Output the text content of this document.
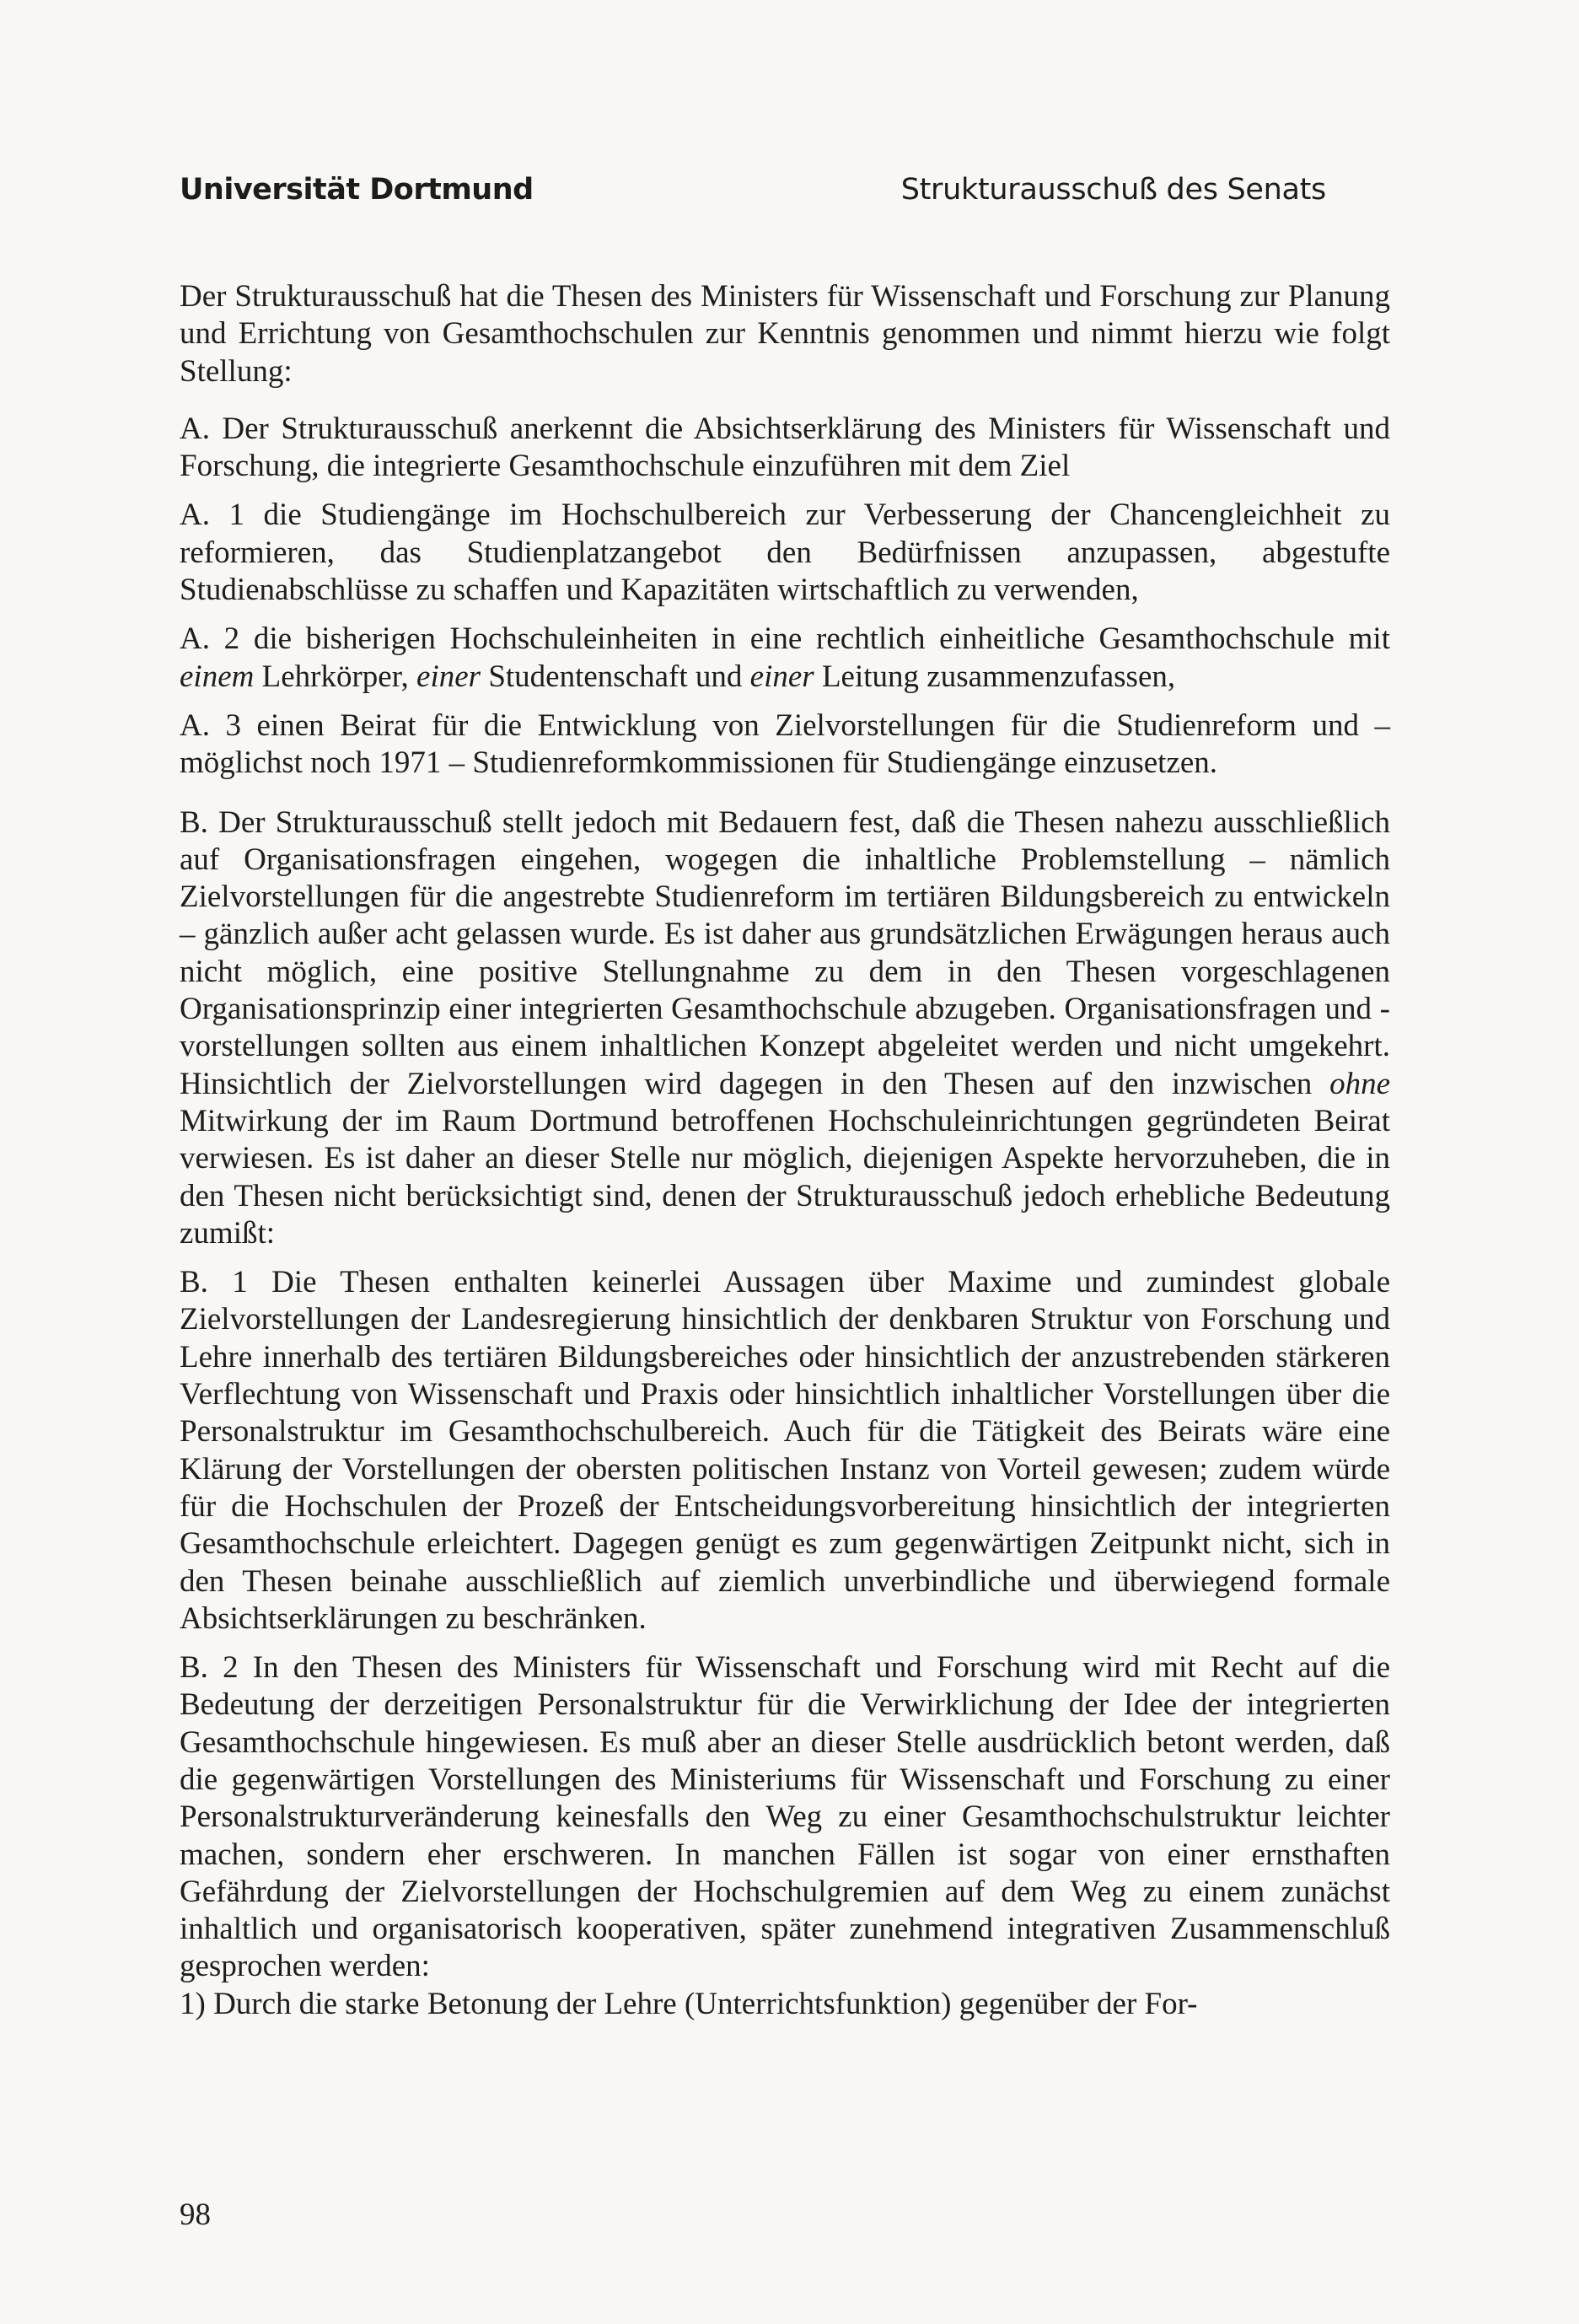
Universität Dortmund	Strukturausschuß des Senats

Der Strukturausschuß hat die Thesen des Ministers für Wissenschaft und Forschung zur Planung und Errichtung von Gesamthochschulen zur Kenntnis genommen und nimmt hierzu wie folgt Stellung:

A. Der Strukturausschuß anerkennt die Absichtserklärung des Ministers für Wissenschaft und Forschung, die integrierte Gesamthochschule einzuführen mit dem Ziel

A. 1 die Studiengänge im Hochschulbereich zur Verbesserung der Chancengleichheit zu reformieren, das Studienplatzangebot den Bedürfnissen anzupassen, abgestufte Studienabschlüsse zu schaffen und Kapazitäten wirtschaftlich zu verwenden,

A. 2 die bisherigen Hochschuleinheiten in eine rechtlich einheitliche Gesamthochschule mit einem Lehrkörper, einer Studentenschaft und einer Leitung zusammenzufassen,

A. 3 einen Beirat für die Entwicklung von Zielvorstellungen für die Studienreform und – möglichst noch 1971 – Studienreformkommissionen für Studiengänge einzusetzen.

B. Der Strukturausschuß stellt jedoch mit Bedauern fest, daß die Thesen nahezu ausschließlich auf Organisationsfragen eingehen, wogegen die inhaltliche Problemstellung – nämlich Zielvorstellungen für die angestrebte Studienreform im tertiären Bildungsbereich zu entwickeln – gänzlich außer acht gelassen wurde. Es ist daher aus grundsätzlichen Erwägungen heraus auch nicht möglich, eine positive Stellungnahme zu dem in den Thesen vorgeschlagenen Organisationsprinzip einer integrierten Gesamthochschule abzugeben. Organisationsfragen und -vorstellungen sollten aus einem inhaltlichen Konzept abgeleitet werden und nicht umgekehrt. Hinsichtlich der Zielvorstellungen wird dagegen in den Thesen auf den inzwischen ohne Mitwirkung der im Raum Dortmund betroffenen Hochschuleinrichtungen gegründeten Beirat verwiesen. Es ist daher an dieser Stelle nur möglich, diejenigen Aspekte hervorzuheben, die in den Thesen nicht berücksichtigt sind, denen der Strukturausschuß jedoch erhebliche Bedeutung zumißt:

B. 1 Die Thesen enthalten keinerlei Aussagen über Maxime und zumindest globale Zielvorstellungen der Landesregierung hinsichtlich der denkbaren Struktur von Forschung und Lehre innerhalb des tertiären Bildungsbereiches oder hinsichtlich der anzustrebenden stärkeren Verflechtung von Wissenschaft und Praxis oder hinsichtlich inhaltlicher Vorstellungen über die Personalstruktur im Gesamthochschulbereich. Auch für die Tätigkeit des Beirats wäre eine Klärung der Vorstellungen der obersten politischen Instanz von Vorteil gewesen; zudem würde für die Hochschulen der Prozeß der Entscheidungsvorbereitung hinsichtlich der integrierten Gesamthochschule erleichtert. Dagegen genügt es zum gegenwärtigen Zeitpunkt nicht, sich in den Thesen beinahe ausschließlich auf ziemlich unverbindliche und überwiegend formale Absichtserklärungen zu beschränken.

B. 2 In den Thesen des Ministers für Wissenschaft und Forschung wird mit Recht auf die Bedeutung der derzeitigen Personalstruktur für die Verwirklichung der Idee der integrierten Gesamthochschule hingewiesen. Es muß aber an dieser Stelle ausdrücklich betont werden, daß die gegenwärtigen Vorstellungen des Ministeriums für Wissenschaft und Forschung zu einer Personalstrukturveränderung keinesfalls den Weg zu einer Gesamthochschulstruktur leichter machen, sondern eher erschweren. In manchen Fällen ist sogar von einer ernsthaften Gefährdung der Zielvorstellungen der Hochschulgremien auf dem Weg zu einem zunächst inhaltlich und organisatorisch kooperativen, später zunehmend integrativen Zusammenschluß gesprochen werden:

1) Durch die starke Betonung der Lehre (Unterrichtsfunktion) gegenüber der For-

98
